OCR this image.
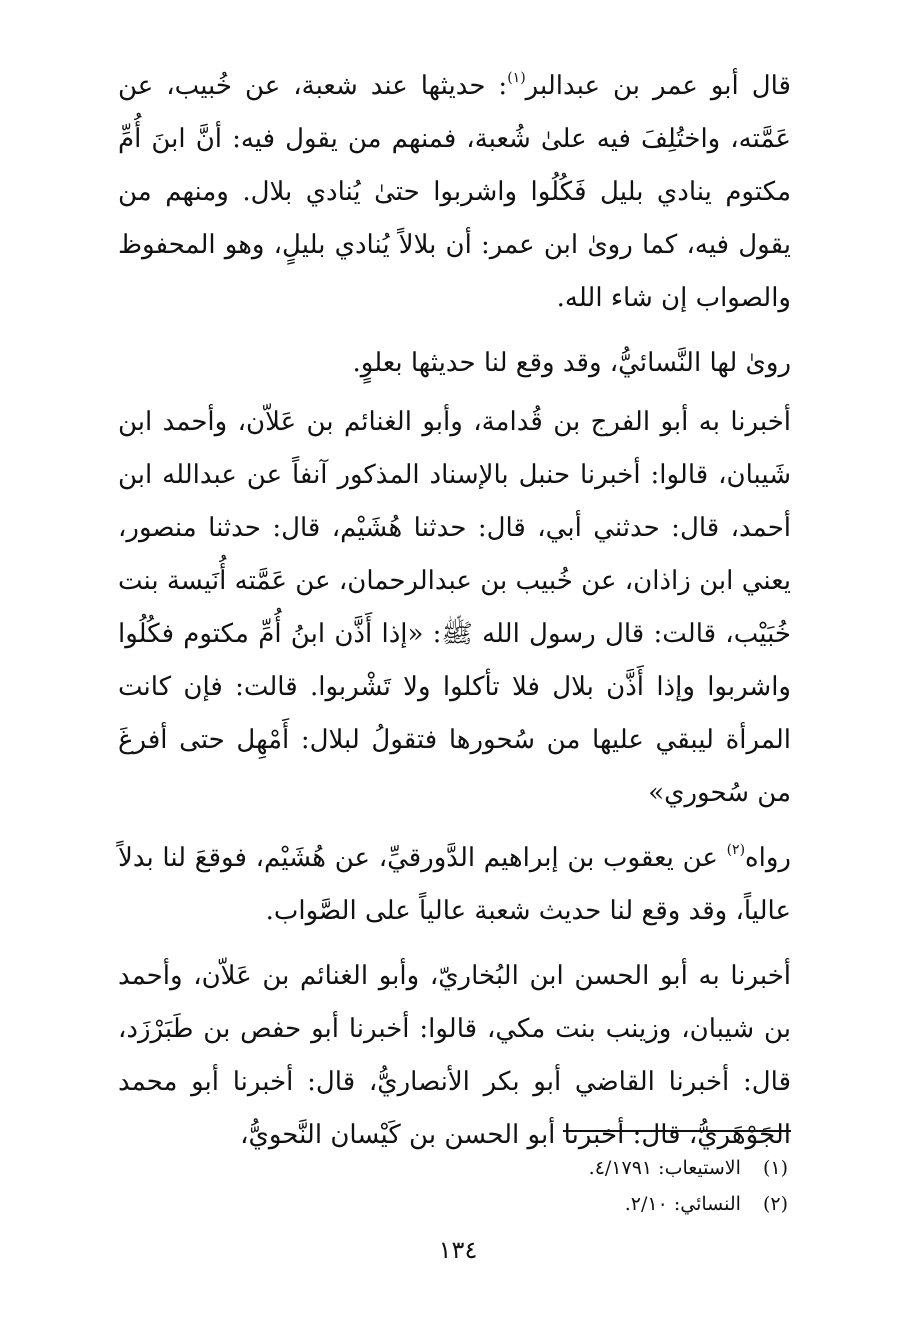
قال أبو عمر بن عبدالبر$^{(١)}$: حديثها عند شعبة، عن خُبيب، عن عَمَّته، واختُلِفَ فيه علىٰ شُعبة، فمنهم من يقول فيه: أنَّ ابنَ أُمِّ مكتوم ينادي بليل فَكُلُوا واشربوا حتىٰ يُنادي بلال. ومنهم من يقول فيه، كما روىٰ ابن عمر: أن بلالاً يُنادي بليلٍ، وهو المحفوظ والصواب إن شاء الله.

روىٰ لها النَّسائيُّ، وقد وقع لنا حديثها بعلوٍ.

أخبرنا به أبو الفرج بن قُدامة، وأبو الغنائم بن عَلاّن، وأحمد ابن شَيبان، قالوا: أخبرنا حنبل بالإسناد المذكور آنفاً عن عبدالله ابن أحمد، قال: حدثني أبي، قال: حدثنا هُشَيْم، قال: حدثنا منصور، يعني ابن زاذان، عن خُبيب بن عبدالرحمان، عن عَمَّته أُنَيسة بنت خُبَيْب، قالت: قال رسول الله ﷺ: «إذا أَذَّن ابنُ أُمِّ مكتوم فكُلُوا واشربوا وإذا أَذَّن بلال فلا تأكلوا ولا تَشْربوا. قالت: فإن كانت المرأة ليبقي عليها من سُحورها فتقولُ لبلال: أَمْهِل حتى أفرغَ من سُحوري»

رواه$^{(٢)}$ عن يعقوب بن إبراهيم الدَّورقيِّ، عن هُشَيْم، فوقعَ لنا بدلاً عالياً، وقد وقع لنا حديث شعبة عالياً على الصَّواب.

أخبرنا به أبو الحسن ابن البُخاريّ، وأبو الغنائم بن عَلاّن، وأحمد بن شيبان، وزينب بنت مكي، قالوا: أخبرنا أبو حفص بن طَبَرْزَد، قال: أخبرنا القاضي أبو بكر الأنصاريُّ، قال: أخبرنا أبو محمد الجَوْهَريُّ، قال: أخبرنا أبو الحسن بن كَيْسان النَّحويُّ،

(١)الاستيعاب: ٤/١٧٩١.
(٢)النسائي: ٢/١٠.
١٣٤
